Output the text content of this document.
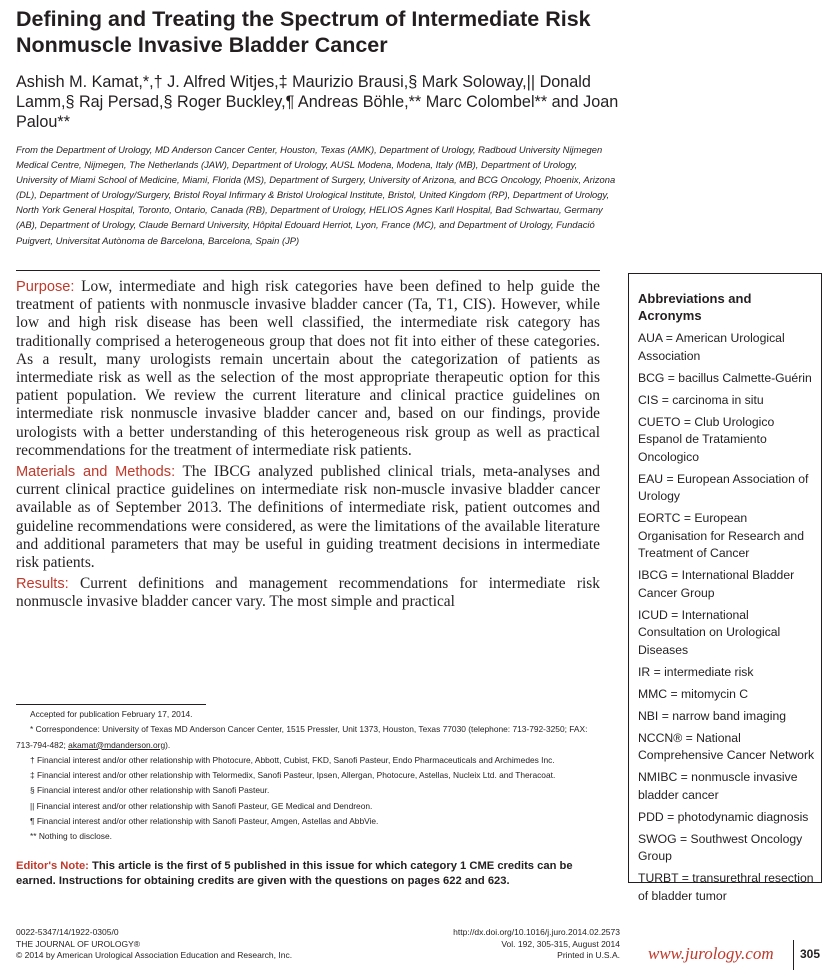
Defining and Treating the Spectrum of Intermediate Risk Nonmuscle Invasive Bladder Cancer
Ashish M. Kamat,*,† J. Alfred Witjes,‡ Maurizio Brausi,§ Mark Soloway,|| Donald Lamm,§ Raj Persad,§ Roger Buckley,¶ Andreas Böhle,** Marc Colombel** and Joan Palou**
From the Department of Urology, MD Anderson Cancer Center, Houston, Texas (AMK), Department of Urology, Radboud University Nijmegen Medical Centre, Nijmegen, The Netherlands (JAW), Department of Urology, AUSL Modena, Modena, Italy (MB), Department of Urology, University of Miami School of Medicine, Miami, Florida (MS), Department of Surgery, University of Arizona, and BCG Oncology, Phoenix, Arizona (DL), Department of Urology/Surgery, Bristol Royal Infirmary & Bristol Urological Institute, Bristol, United Kingdom (RP), Department of Urology, North York General Hospital, Toronto, Ontario, Canada (RB), Department of Urology, HELIOS Agnes Karll Hospital, Bad Schwartau, Germany (AB), Department of Urology, Claude Bernard University, Hôpital Edouard Herriot, Lyon, France (MC), and Department of Urology, Fundació Puigvert, Universitat Autònoma de Barcelona, Barcelona, Spain (JP)

Purpose: Low, intermediate and high risk categories have been defined to help guide the treatment of patients with nonmuscle invasive bladder cancer (Ta, T1, CIS). However, while low and high risk disease has been well classified, the intermediate risk category has traditionally comprised a heterogeneous group that does not fit into either of these categories. As a result, many urologists remain uncertain about the categorization of patients as intermediate risk as well as the selection of the most appropriate therapeutic option for this patient population. We review the current literature and clinical practice guidelines on intermediate risk nonmuscle invasive bladder cancer and, based on our findings, provide urologists with a better understanding of this heterogeneous risk group as well as practical recommendations for the treatment of intermediate risk patients.

Materials and Methods: The IBCG analyzed published clinical trials, meta-analyses and current clinical practice guidelines on intermediate risk non-muscle invasive bladder cancer available as of September 2013. The definitions of intermediate risk, patient outcomes and guideline recommendations were considered, as were the limitations of the available literature and additional parameters that may be useful in guiding treatment decisions in intermediate risk patients.

Results: Current definitions and management recommendations for intermediate risk nonmuscle invasive bladder cancer vary. The most simple and practical

Abbreviations and Acronyms
AUA = American Urological Association
BCG = bacillus Calmette-Guérin
CIS = carcinoma in situ
CUETO = Club Urologico Espanol de Tratamiento Oncologico
EAU = European Association of Urology
EORTC = European Organisation for Research and Treatment of Cancer
IBCG = International Bladder Cancer Group
ICUD = International Consultation on Urological Diseases
IR = intermediate risk
MMC = mitomycin C
NBI = narrow band imaging
NCCN® = National Comprehensive Cancer Network
NMIBC = nonmuscle invasive bladder cancer
PDD = photodynamic diagnosis
SWOG = Southwest Oncology Group
TURBT = transurethral resection of bladder tumor
Accepted for publication February 17, 2014.
* Correspondence: University of Texas MD Anderson Cancer Center, 1515 Pressler, Unit 1373, Houston, Texas 77030 (telephone: 713-792-3250; FAX: 713-794-482; akamat@mdanderson.org).
† Financial interest and/or other relationship with Photocure, Abbott, Cubist, FKD, Sanofi Pasteur, Endo Pharmaceuticals and Archimedes Inc.
‡ Financial interest and/or other relationship with Telormedix, Sanofi Pasteur, Ipsen, Allergan, Photocure, Astellas, Nucleix Ltd. and Theracoat.
§ Financial interest and/or other relationship with Sanofi Pasteur.
|| Financial interest and/or other relationship with Sanofi Pasteur, GE Medical and Dendreon.
¶ Financial interest and/or other relationship with Sanofi Pasteur, Amgen, Astellas and AbbVie.
** Nothing to disclose.
Editor's Note: This article is the first of 5 published in this issue for which category 1 CME credits can be earned. Instructions for obtaining credits are given with the questions on pages 622 and 623.
0022-5347/14/1922-0305/0
THE JOURNAL OF UROLOGY®
© 2014 by American Urological Association Education and Research, Inc.
http://dx.doi.org/10.1016/j.juro.2014.02.2573
Vol. 192, 305-315, August 2014
Printed in U.S.A. www.jurology.com 305
